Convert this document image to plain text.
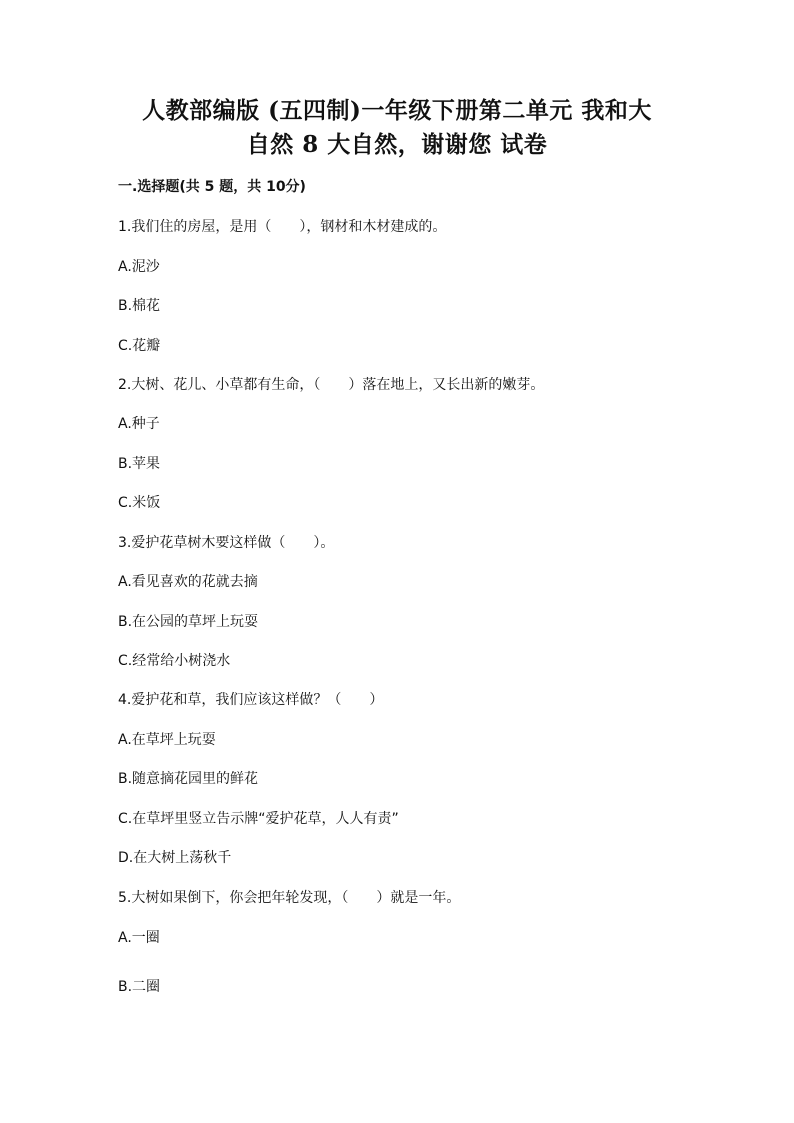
人教部编版 (五四制)一年级下册第二单元 我和大
自然 8 大自然，谢谢您 试卷
一.选择题(共 5 题，共 10分)
1.我们住的房屋，是用（　　），钢材和木材建成的。
A.泥沙
B.棉花
C.花瓣
2.大树、花儿、小草都有生命，（　　）落在地上，又长出新的嫩芽。
A.种子
B.苹果
C.米饭
3.爱护花草树木要这样做（　　）。
A.看见喜欢的花就去摘
B.在公园的草坪上玩耍
C.经常给小树浇水
4.爱护花和草，我们应该这样做？（　　）
A.在草坪上玩耍
B.随意摘花园里的鲜花
C.在草坪里竖立告示牌“爱护花草，人人有责”
D.在大树上荡秋千
5.大树如果倒下，你会把年轮发现，（　　）就是一年。
A.一圈
B.二圈
